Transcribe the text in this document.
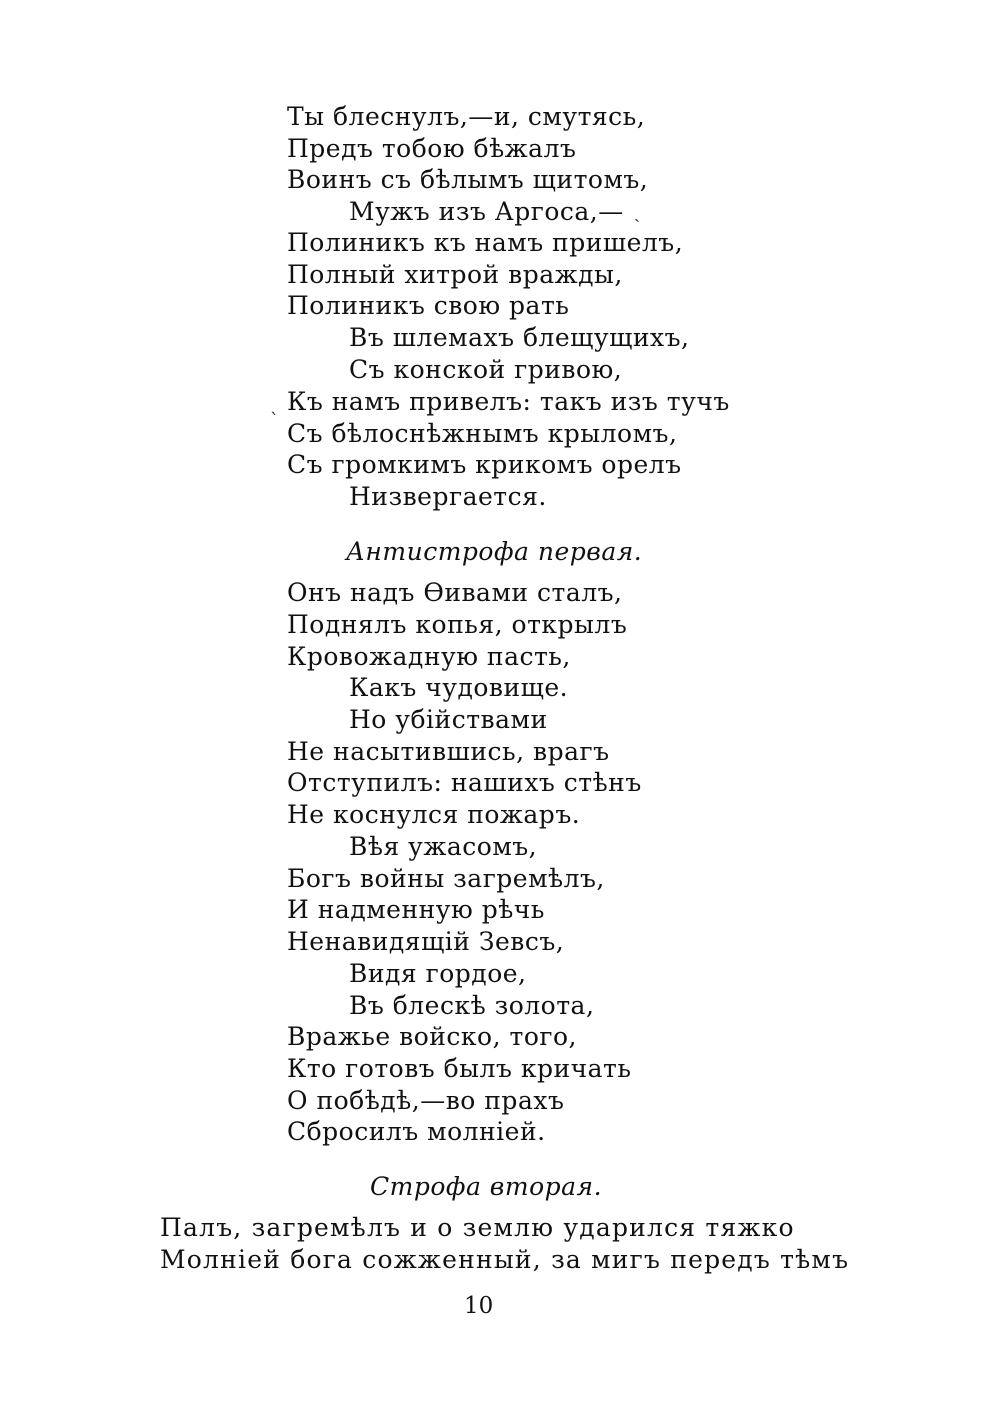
Ты блеснулъ,—и, смутясь,
Предъ тобою бѣжалъ
Воинъ съ бѣлымъ щитомъ,
Мужъ изъ Аргоса,—
Полиникъ къ намъ пришелъ,
Полный хитрой вражды,
Полиникъ свою рать
Въ шлемахъ блещущихъ,
Съ конской гривою,
Къ намъ привелъ: такъ изъ тучъ
Съ бѣлоснѣжнымъ крыломъ,
Съ громкимъ крикомъ орелъ
Низвергается.
Антистрофа первая.
Онъ надъ Ѳивами сталъ,
Поднялъ копья, открылъ
Кровожадную пасть,
Какъ чудовище.
Но убійствами
Не насытившись, врагъ
Отступилъ: нашихъ стѣнъ
Не коснулся пожаръ.
Вѣя ужасомъ,
Богъ войны загремѣлъ,
И надменную рѣчь
Ненавидящій Зевсъ,
Видя гордое,
Въ блескѣ золота,
Вражье войско, того,
Кто готовъ былъ кричать
О побѣдѣ,—во прахъ
Сбросилъ молніей.
Строфа вторая.
Палъ, загремѣлъ и о землю ударился тяжко
Молніей бога сожженный, за мигъ передъ тѣмъ
10
ˏ
ˋ
